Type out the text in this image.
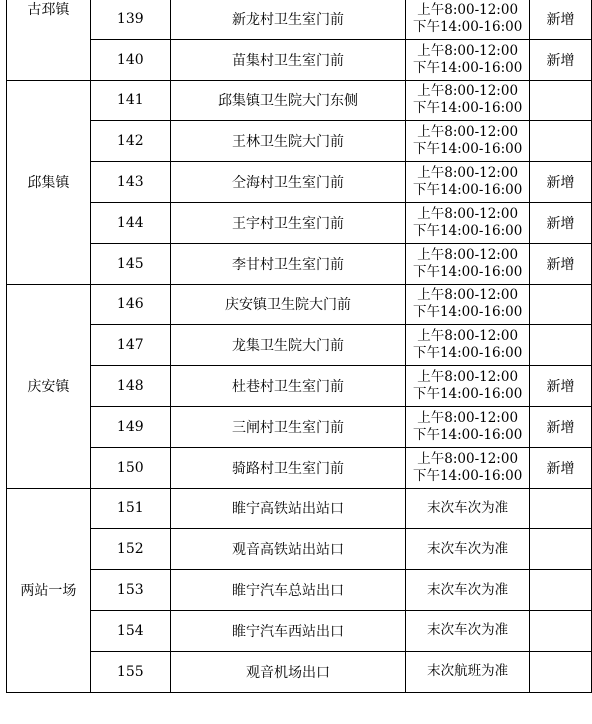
古邳镇	139	新龙村卫生室门前	上午8:00-12:00
下午14:00-16:00	新增
	140	苗集村卫生室门前	上午8:00-12:00
下午14:00-16:00	新增
邱集镇	141	邱集镇卫生院大门东侧	上午8:00-12:00
下午14:00-16:00	

	142	王林卫生院大门前	上午8:00-12:00
下午14:00-16:00	

	143	仝海村卫生室门前	上午8:00-12:00
下午14:00-16:00	新增
	144	王宇村卫生室门前	上午8:00-12:00
下午14:00-16:00	新增
	145	李甘村卫生室门前	上午8:00-12:00
下午14:00-16:00	新增
庆安镇	146	庆安镇卫生院大门前	上午8:00-12:00
下午14:00-16:00	

	147	龙集卫生院大门前	上午8:00-12:00
下午14:00-16:00	

	148	杜巷村卫生室门前	上午8:00-12:00
下午14:00-16:00	新增
	149	三闸村卫生室门前	上午8:00-12:00
下午14:00-16:00	新增
	150	骑路村卫生室门前	上午8:00-12:00
下午14:00-16:00	新增
两站一场	151	睢宁高铁站出站口	末次车次为准	

	152	观音高铁站出站口	末次车次为准	

	153	睢宁汽车总站出口	末次车次为准	

	154	睢宁汽车西站出口	末次车次为准	

	155	观音机场出口	末次航班为准	
